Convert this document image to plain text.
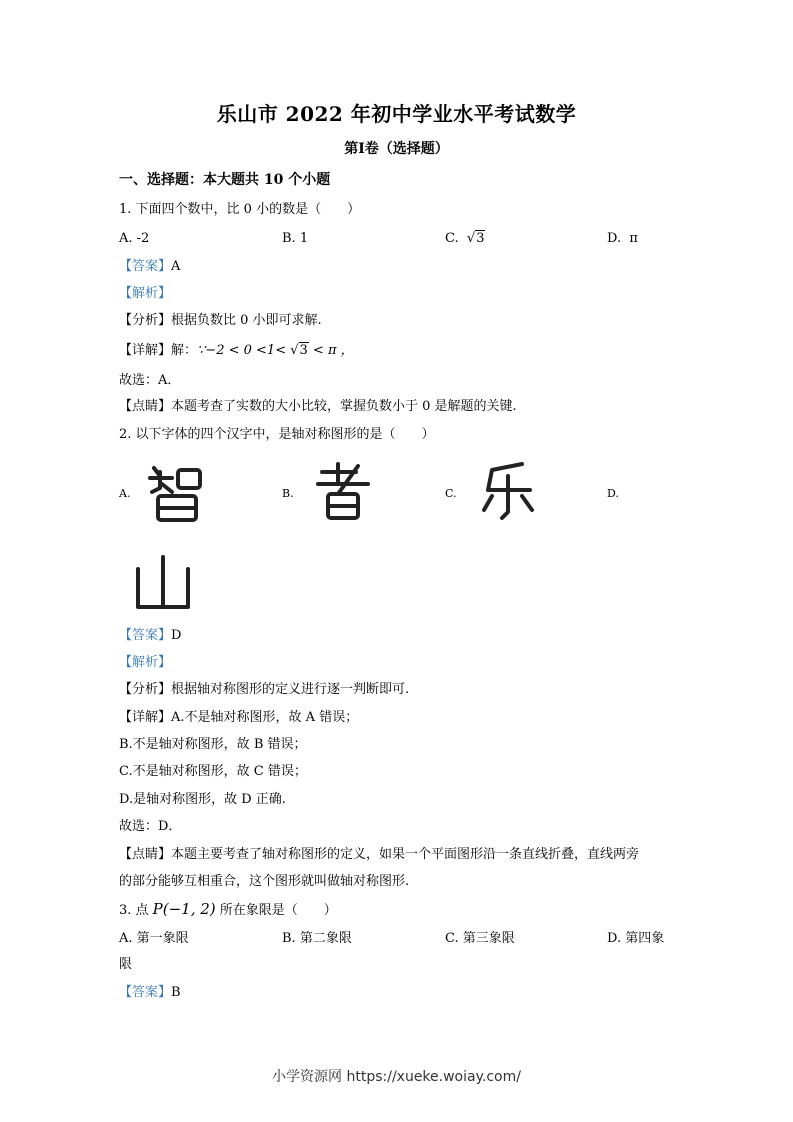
乐山市 2022 年初中学业水平考试数学
第Ⅰ卷（选择题）
一、选择题：本大题共 10 个小题
1. 下面四个数中，比 0 小的数是（　　）
A. -2	B. 1	C. √3	D. π
【答案】A
【解析】
【分析】根据负数比 0 小即可求解.
【详解】解：∵−2 < 0 <1< √3 < π ，
故选：A．
【点睛】本题考查了实数的大小比较，掌握负数小于 0 是解题的关键.
2. 以下字体的四个汉字中，是轴对称图形的是（　　）
A.	B.	C.	D.
【答案】D
【解析】
【分析】根据轴对称图形的定义进行逐一判断即可.
【详解】A.不是轴对称图形，故 A 错误；
B.不是轴对称图形，故 B 错误；
C.不是轴对称图形，故 C 错误；
D.是轴对称图形，故 D 正确.
故选：D．
【点睛】本题主要考查了轴对称图形的定义，如果一个平面图形沿一条直线折叠，直线两旁
的部分能够互相重合，这个图形就叫做轴对称图形.
3. 点 P(−1, 2) 所在象限是（　　）
A. 第一象限	B. 第二象限	C. 第三象限	D. 第四象
限
【答案】B
小学资源网 https://xueke.woiay.com/
